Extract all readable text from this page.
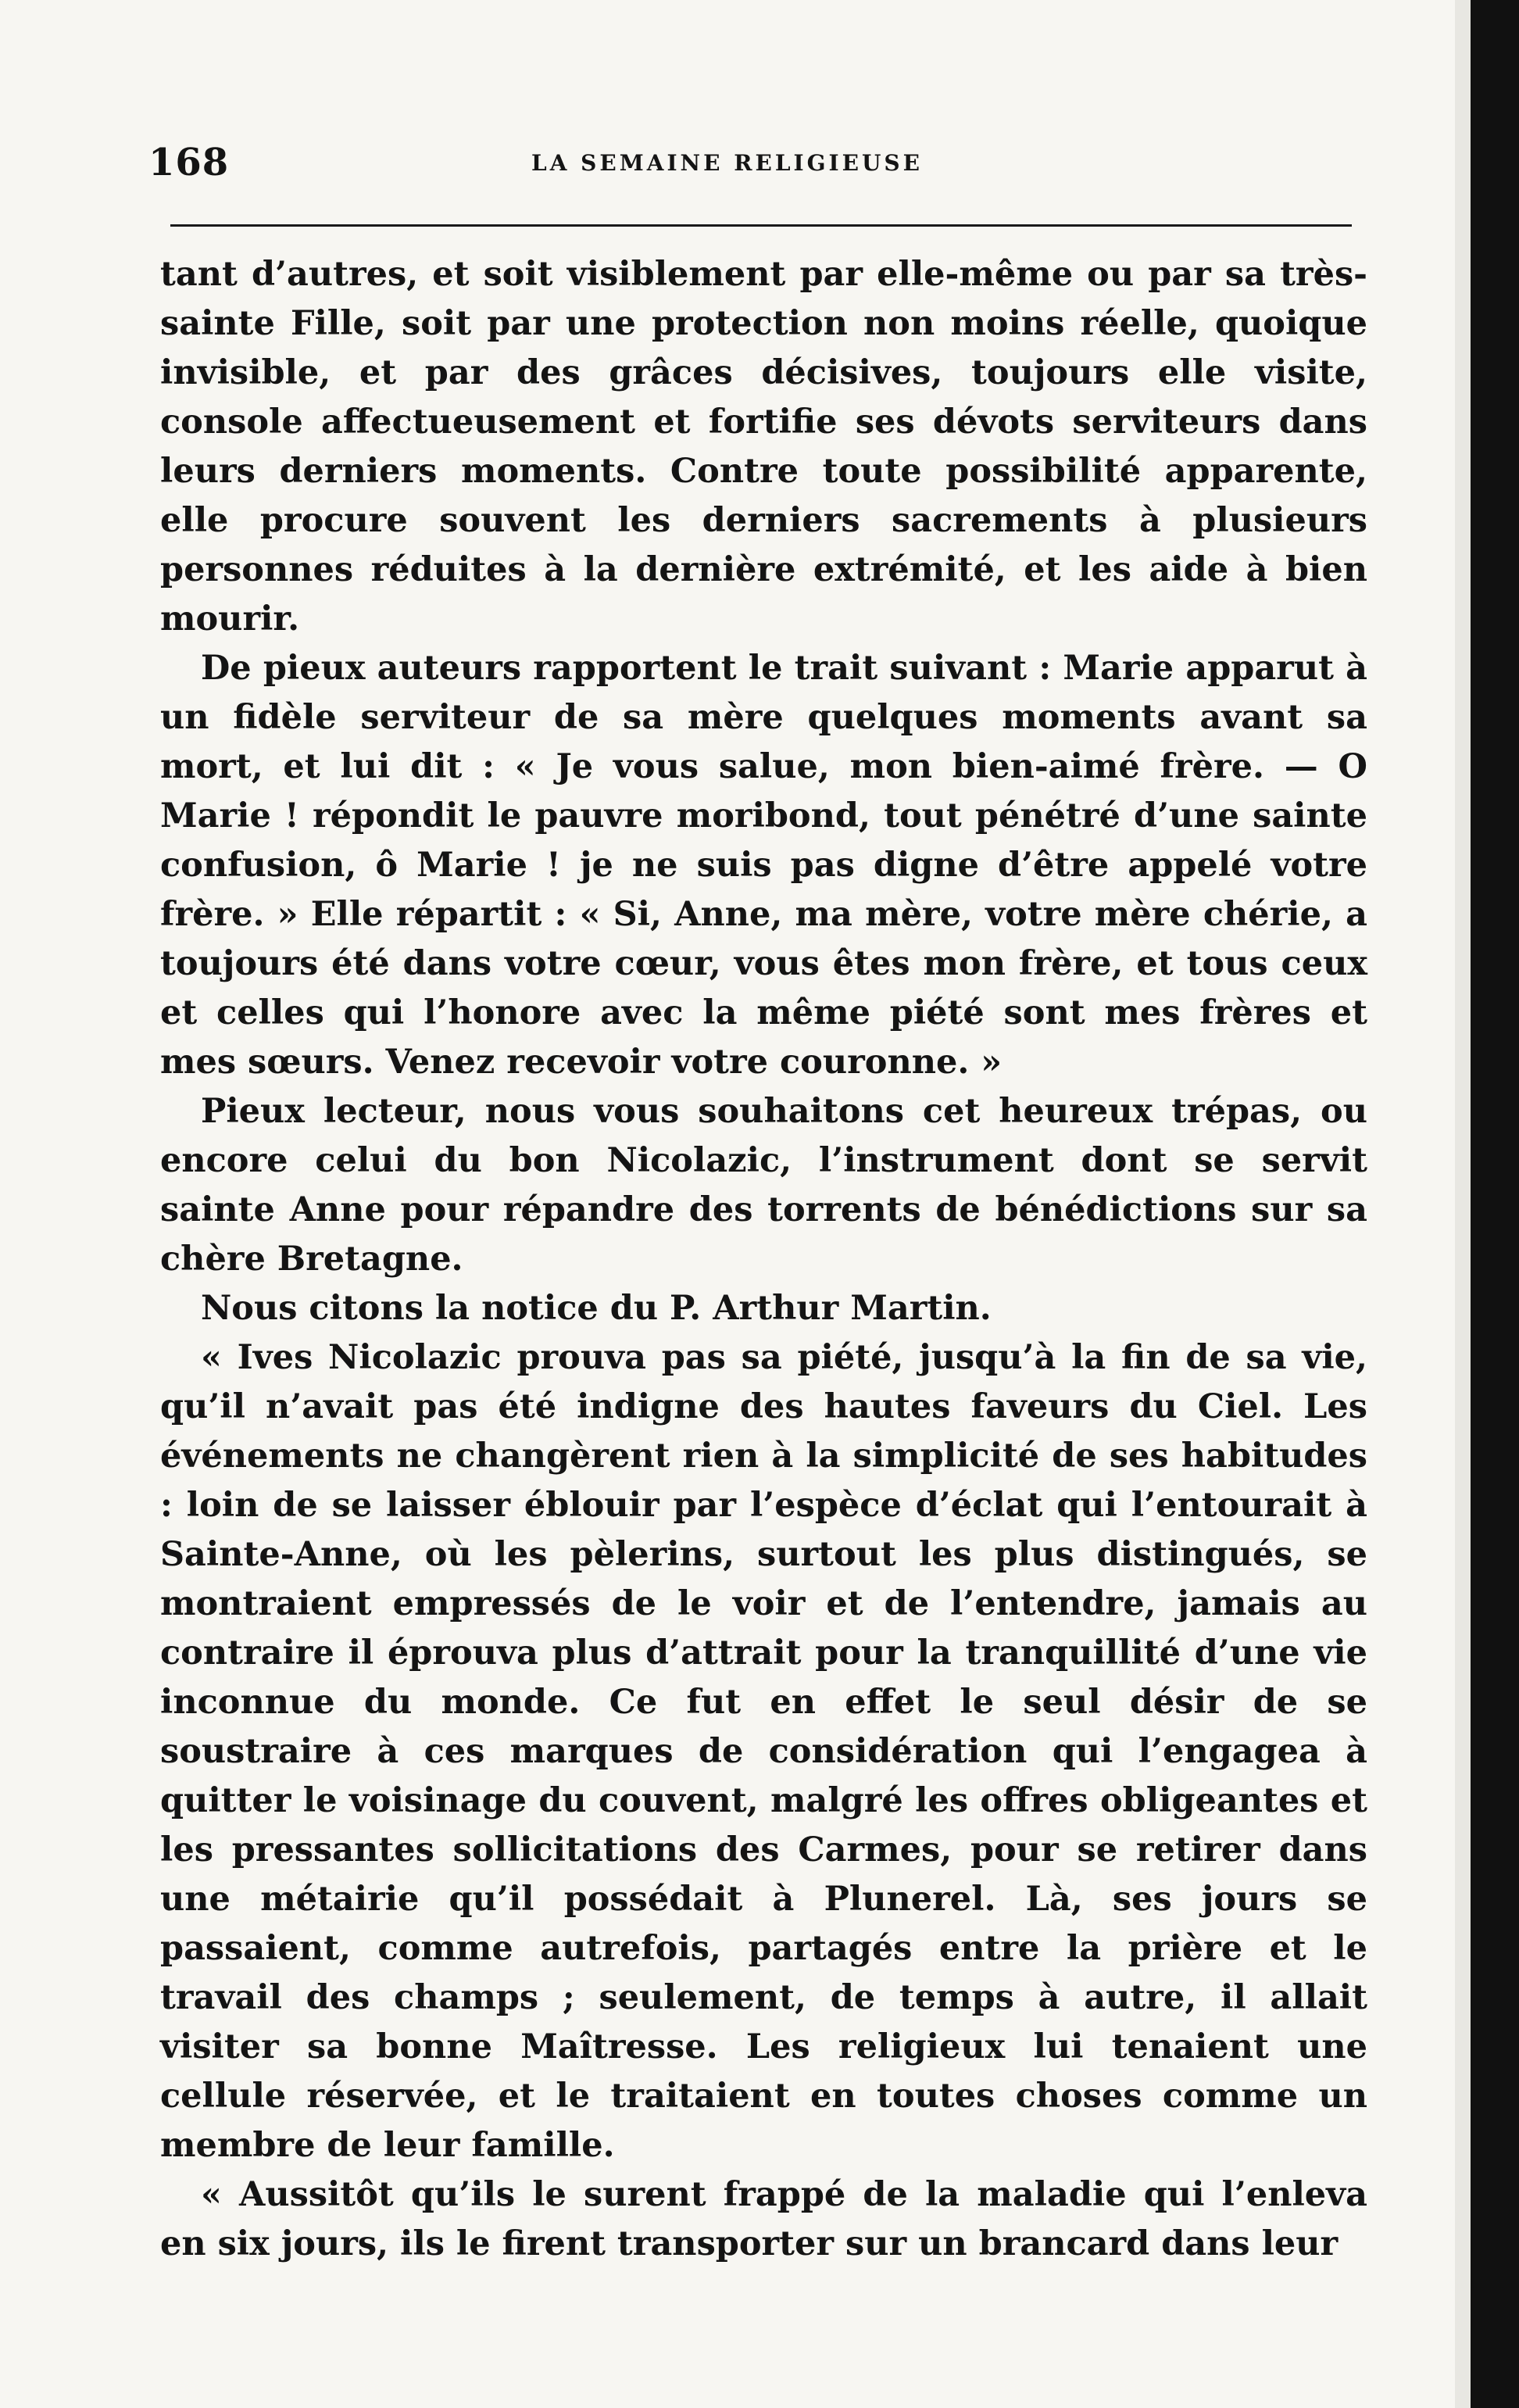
168	LA SEMAINE RELIGIEUSE

tant d’autres, et soit visiblement par elle-même ou par sa très-sainte Fille, soit par une protection non moins réelle, quoique invisible, et par des grâces décisives, toujours elle visite, console affectueusement et fortifie ses dévots serviteurs dans leurs derniers moments. Contre toute possibilité apparente, elle procure souvent les derniers sacrements à plusieurs personnes réduites à la dernière extrémité, et les aide à bien mourir.

De pieux auteurs rapportent le trait suivant : Marie apparut à un fidèle serviteur de sa mère quelques moments avant sa mort, et lui dit : « Je vous salue, mon bien-aimé frère. — O Marie ! répondit le pauvre moribond, tout pénétré d’une sainte confusion, ô Marie ! je ne suis pas digne d’être appelé votre frère. » Elle répartit : « Si, Anne, ma mère, votre mère chérie, a toujours été dans votre cœur, vous êtes mon frère, et tous ceux et celles qui l’honore avec la même piété sont mes frères et mes sœurs. Venez recevoir votre couronne. »

Pieux lecteur, nous vous souhaitons cet heureux trépas, ou encore celui du bon Nicolazic, l’instrument dont se servit sainte Anne pour répandre des torrents de bénédictions sur sa chère Bretagne.

Nous citons la notice du P. Arthur Martin.

« Ives Nicolazic prouva pas sa piété, jusqu’à la fin de sa vie, qu’il n’avait pas été indigne des hautes faveurs du Ciel. Les événements ne changèrent rien à la simplicité de ses habitudes : loin de se laisser éblouir par l’espèce d’éclat qui l’entourait à Sainte-Anne, où les pèlerins, surtout les plus distingués, se montraient empressés de le voir et de l’entendre, jamais au contraire il éprouva plus d’attrait pour la tranquillité d’une vie inconnue du monde. Ce fut en effet le seul désir de se soustraire à ces marques de considération qui l’engagea à quitter le voisinage du couvent, malgré les offres obligeantes et les pressantes sollicitations des Carmes, pour se retirer dans une métairie qu’il possédait à Plunerel. Là, ses jours se passaient, comme autrefois, partagés entre la prière et le travail des champs ; seulement, de temps à autre, il allait visiter sa bonne Maîtresse. Les religieux lui tenaient une cellule réservée, et le traitaient en toutes choses comme un membre de leur famille.

« Aussitôt qu’ils le surent frappé de la maladie qui l’enleva en six jours, ils le firent transporter sur un brancard dans leur
